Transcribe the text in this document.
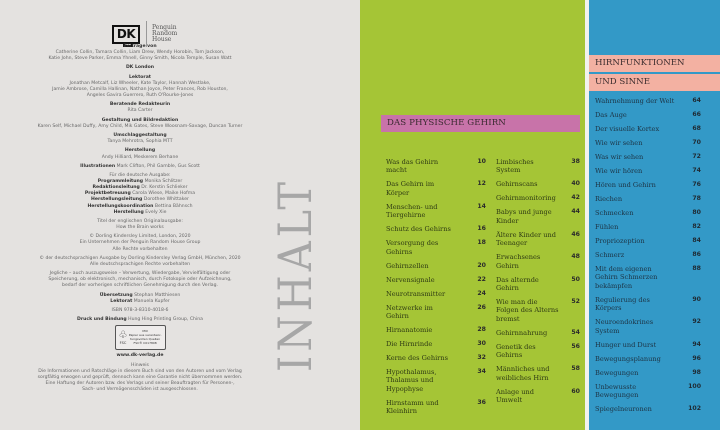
DK	Penguin
Random
House
Beiträge von
Catherine Collin, Tamara Collin, Liam Drew, Wendy Horobin, Tom Jackson,
Katie John, Steve Parker, Emma Yhnell, Ginny Smith, Nicola Temple, Susan Watt
DK London
Lektorat
Jonathan Metcalf, Liz Wheeler, Kate Taylor, Hannah Westlake,
Jamie Ambrose, Camilla Hallinan, Nathan Joyce, Peter Frances, Rob Houston,
Angeles Gavira Guerrero, Ruth O'Rourke-Jones
Beratende Redakteurin
Rita Carter
Gestaltung und Bildredaktion
Karen Self, Michael Duffy, Amy Child, Mik Gates, Steve Woosnam-Savage, Duncan Turner
Umschlaggestaltung
Tanya Mehrotra, Sophia MTT
Herstellung
Andy Hilliard, Meskerem Berhane
Illustrationen Mark Clifton, Phil Gamble, Gus Scott
Für die deutsche Ausgabe:
Programmleitung Monika Schlitzer
Redaktionsleitung Dr. Kerstin Schlieker
Projektbetreuung Carola Wiese, Maike Hofma
Herstellungsleitung Dorothee Whittaker
Herstellungskoordination Bettina Bähnsch
Herstellung Evely Xie
Titel der englischen Originalausgabe:
How the Brain works
© Dorling Kindersley Limited, London, 2020
Ein Unternehmen der Penguin Random House Group
Alle Rechte vorbehalten
© der deutschsprachigen Ausgabe by Dorling Kindersley Verlag GmbH, München, 2020
Alle deutschsprachigen Rechte vorbehalten
Jegliche – auch auszugsweise – Verwertung, Wiedergabe, Vervielfältigung oder
Speicherung, ob elektronisch, mechanisch, durch Fotokopie oder Aufzeichnung,
bedarf der vorherigen schriftlichen Genehmigung durch den Verlag.
Übersetzung Stephan Matthiesen
Lektorat Manuela Kupfer
ISBN 978-3-8310-4018-6
Druck und Bindung Hung Hing Printing Group, China
♧
FSC
MIX
Papier aus verantwor-
tungsvollen Quellen
FSC® C017808
www.dk-verlag.de
Hinweis
Die Informationen und Ratschläge in diesem Buch sind von den Autoren und vom Verlag
sorgfältig erwogen und geprüft, dennoch kann eine Garantie nicht übernommen werden.
Eine Haftung der Autoren bzw. des Verlags und seiner Beauftragten für Personen-,
Sach- und Vermögensschäden ist ausgeschlossen.
INHALT
DAS PHYSISCHE GEHIRN
Was das Gehirn macht
10
Das Gehirn im Körper
12
Menschen- und Tiergehirne
14
Schutz des Gehirns	16
Versorgung des Gehirns
18
Gehirnzellen	20
Nervensignale	22
Neurotransmitter	24
Netzwerke im Gehirn
26
Hirnanatomie	28
Die Hirnrinde	30
Kerne des Gehirns	32
Hypothalamus, Thalamus und Hypophyse
34
Hirnstamm und Kleinhirn
36
Limbisches System
38
Gehirnscans	40
Gehirnmonitoring	42
Babys und junge Kinder
44
Ältere Kinder und Teenager
46
Erwachsenes Gehirn
48
Das alternde Gehirn
50
Wie man die Folgen des Alterns bremst
52
Gehirnnahrung	54
Genetik des Gehirns
56
Männliches und weibliches Hirn
58
Anlage und Umwelt
60
HIRNFUNKTIONEN
UND SINNE
Wahrnehmung der Welt	64
Das Auge	66
Der visuelle Kortex	68
Wie wir sehen	70
Was wir sehen	72
Wie wir hören	74
Hören und Gehirn	76
Riechen	78
Schmecken	80
Fühlen	82
Propriozeption	84
Schmerz	86
Mit dem eigenen Gehirn Schmerzen bekämpfen
88
Regulierung des Körpers
90
Neuroendokrines System
92
Hunger und Durst	94
Bewegungsplanung	96
Bewegungen	98
Unbewusste Bewegungen
100
Spiegelneuronen	102
